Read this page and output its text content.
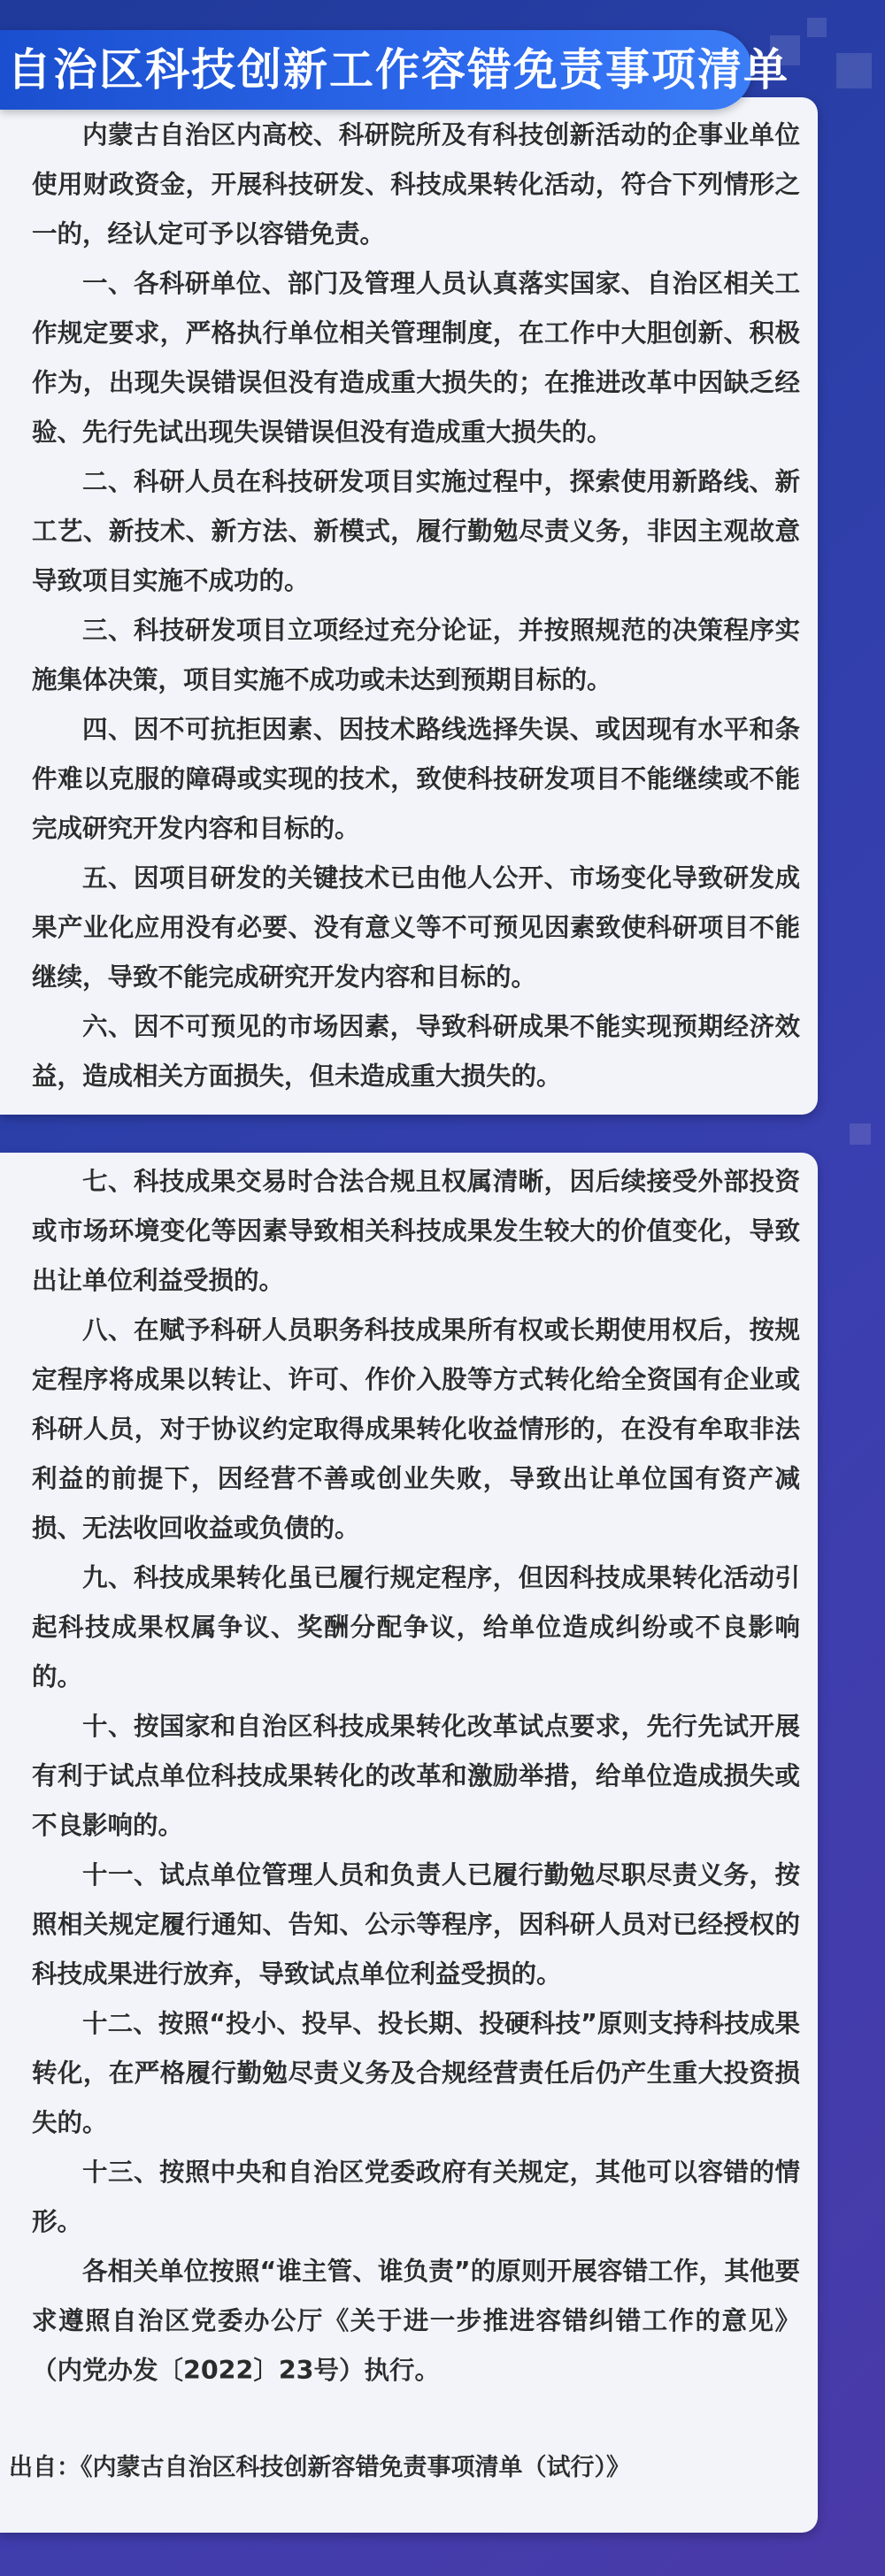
内蒙古自治区内高校、科研院所及有科技创新活动的企事业单位使用财政资金，开展科技研发、科技成果转化活动，符合下列情形之一的，经认定可予以容错免责。

一、各科研单位、部门及管理人员认真落实国家、自治区相关工作规定要求，严格执行单位相关管理制度，在工作中大胆创新、积极作为，出现失误错误但没有造成重大损失的；在推进改革中因缺乏经验、先行先试出现失误错误但没有造成重大损失的。

二、科研人员在科技研发项目实施过程中，探索使用新路线、新工艺、新技术、新方法、新模式，履行勤勉尽责义务，非因主观故意导致项目实施不成功的。

三、科技研发项目立项经过充分论证，并按照规范的决策程序实施集体决策，项目实施不成功或未达到预期目标的。

四、因不可抗拒因素、因技术路线选择失误、或因现有水平和条件难以克服的障碍或实现的技术，致使科技研发项目不能继续或不能完成研究开发内容和目标的。

五、因项目研发的关键技术已由他人公开、市场变化导致研发成果产业化应用没有必要、没有意义等不可预见因素致使科研项目不能继续，导致不能完成研究开发内容和目标的。

六、因不可预见的市场因素，导致科研成果不能实现预期经济效益，造成相关方面损失，但未造成重大损失的。

自治区科技创新工作容错免责事项清单

七、科技成果交易时合法合规且权属清晰，因后续接受外部投资或市场环境变化等因素导致相关科技成果发生较大的价值变化，导致出让单位利益受损的。

八、在赋予科研人员职务科技成果所有权或长期使用权后，按规定程序将成果以转让、许可、作价入股等方式转化给全资国有企业或科研人员，对于协议约定取得成果转化收益情形的，在没有牟取非法利益的前提下，因经营不善或创业失败，导致出让单位国有资产减损、无法收回收益或负债的。

九、科技成果转化虽已履行规定程序，但因科技成果转化活动引起科技成果权属争议、奖酬分配争议，给单位造成纠纷或不良影响的。

十、按国家和自治区科技成果转化改革试点要求，先行先试开展有利于试点单位科技成果转化的改革和激励举措，给单位造成损失或不良影响的。

十一、试点单位管理人员和负责人已履行勤勉尽职尽责义务，按照相关规定履行通知、告知、公示等程序，因科研人员对已经授权的科技成果进行放弃，导致试点单位利益受损的。

十二、按照“投小、投早、投长期、投硬科技”原则支持科技成果转化，在严格履行勤勉尽责义务及合规经营责任后仍产生重大投资损失的。

十三、按照中央和自治区党委政府有关规定，其他可以容错的情形。

各相关单位按照“谁主管、谁负责”的原则开展容错工作，其他要求遵照自治区党委办公厅《关于进一步推进容错纠错工作的意见》（内党办发〔2022〕23号）执行。

出自：《内蒙古自治区科技创新容错免责事项清单（试行）》
